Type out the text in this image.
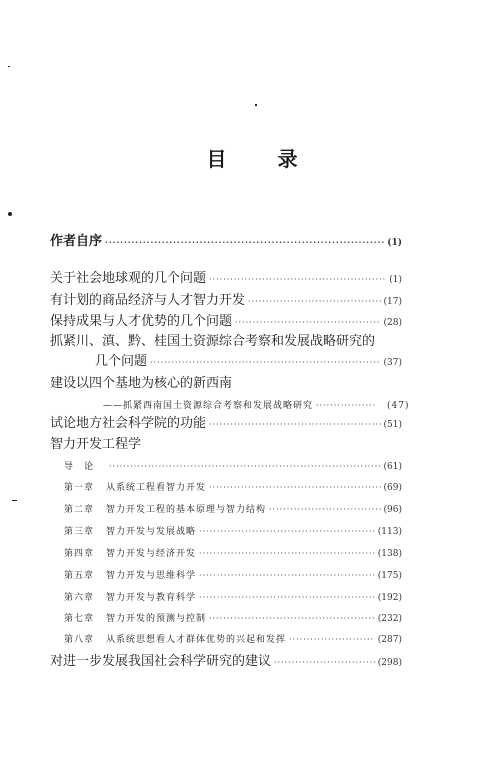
目 录
作者自序 ·····	(1)
关于社会地球观的几个问题 ·····	(1)
有计划的商品经济与人才智力开发 ·····	(17)
保持成果与人才优势的几个问题 ·····	(28)
抓紧川、滇、黔、桂国土资源综合考察和发展战略研究的
几个问题 ·····	(37)
建设以四个基地为核心的新西南
——抓紧西南国土资源综合考察和发展战略研究 ·····	(47)
试论地方社会科学院的功能 ·····	(51)
智力开发工程学
导　论 ·····	(61)
第一章	从系统工程看智力开发 ·····	(69)
第二章	智力开发工程的基本原理与智力结构 ·····	(96)
第三章	智力开发与发展战略 ·····	(113)
第四章	智力开发与经济开发 ·····	(138)
第五章	智力开发与思维科学 ·····	(175)
第六章	智力开发与教育科学 ·····	(192)
第七章	智力开发的预测与控制 ·····	(232)
第八章	从系统思想看人才群体优势的兴起和发挥 ·····	(287)
对进一步发展我国社会科学研究的建议 ·····	(298)
